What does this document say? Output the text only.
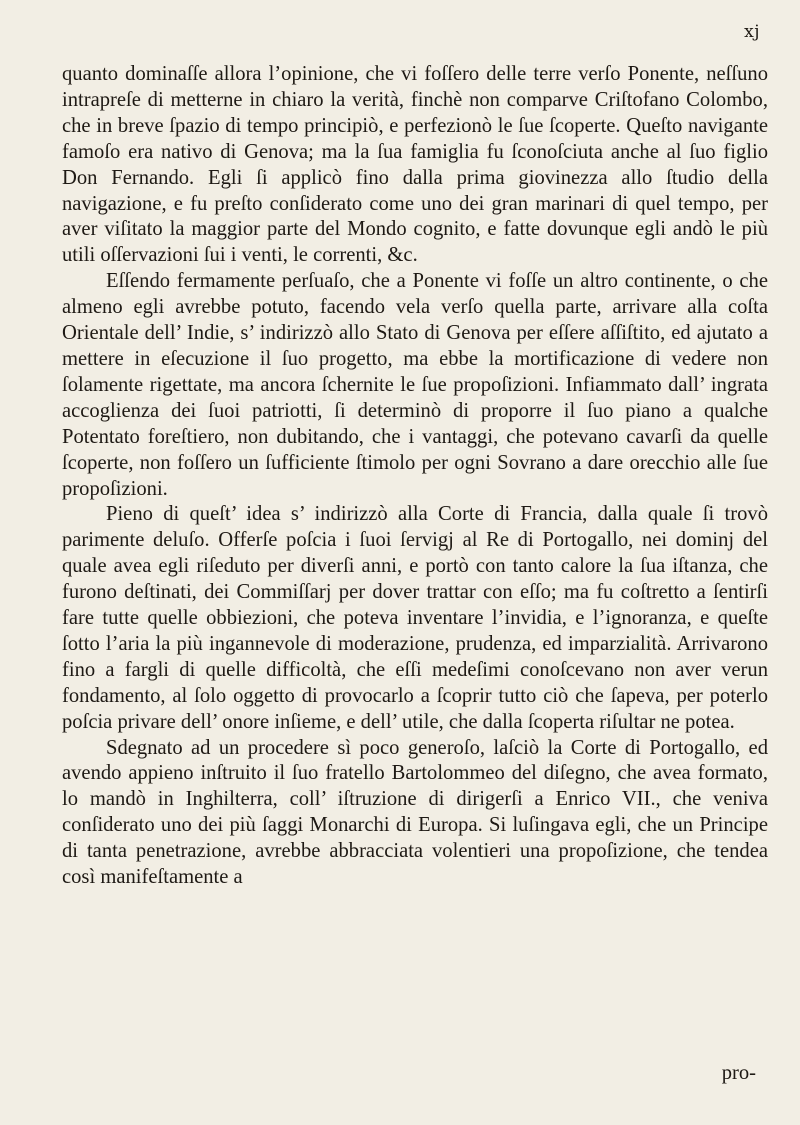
xj

quanto dominaſſe allora l’opinione, che vi foſſero delle terre verſo Ponente, neſſuno intrapreſe di metterne in chiaro la verità, finchè non comparve Criſtofano Colombo, che in breve ſpazio di tempo principiò, e perfezionò le ſue ſcoperte. Queſto navigante famoſo era nativo di Genova; ma la ſua famiglia fu ſconoſciuta anche al ſuo figlio Don Fernando. Egli ſi applicò fino dalla prima giovinezza allo ſtudio della navigazione, e fu preſto conſiderato come uno dei gran marinari di quel tempo, per aver viſitato la maggior parte del Mondo cognito, e fatte dovunque egli andò le più utili oſſervazioni ſui i venti, le correnti, &c.

Eſſendo fermamente perſuaſo, che a Ponente vi foſſe un altro continente, o che almeno egli avrebbe potuto, facendo vela verſo quella parte, arrivare alla coſta Orientale dell’ Indie, s’ indirizzò allo Stato di Genova per eſſere aſſiſtito, ed ajutato a mettere in eſecuzione il ſuo progetto, ma ebbe la mortificazione di vedere non ſolamente rigettate, ma ancora ſchernite le ſue propoſizioni. Infiammato dall’ ingrata accoglienza dei ſuoi patriotti, ſi determinò di proporre il ſuo piano a qualche Potentato foreſtiero, non dubitando, che i vantaggi, che potevano cavarſi da quelle ſcoperte, non foſſero un ſufficiente ſtimolo per ogni Sovrano a dare orecchio alle ſue propoſizioni.

Pieno di queſt’ idea s’ indirizzò alla Corte di Francia, dalla quale ſi trovò parimente deluſo. Offerſe poſcia i ſuoi ſervigj al Re di Portogallo, nei dominj del quale avea egli riſeduto per diverſi anni, e portò con tanto calore la ſua iſtanza, che furono deſtinati, dei Commiſſarj per dover trattar con eſſo; ma fu coſtretto a ſentirſi fare tutte quelle obbiezioni, che poteva inventare l’invidia, e l’ignoranza, e queſte ſotto l’aria la più ingannevole di moderazione, prudenza, ed imparzialità. Arrivarono fino a fargli di quelle difficoltà, che eſſi medeſimi conoſcevano non aver verun fondamento, al ſolo oggetto di provocarlo a ſcoprir tutto ciò che ſapeva, per poterlo poſcia privare dell’ onore inſieme, e dell’ utile, che dalla ſcoperta riſultar ne potea.

Sdegnato ad un procedere sì poco generoſo, laſciò la Corte di Portogallo, ed avendo appieno inſtruito il ſuo fratello Bartolommeo del diſegno, che avea formato, lo mandò in Inghilterra, coll’ iſtruzione di dirigerſi a Enrico VII., che veniva conſiderato uno dei più ſaggi Monarchi di Europa. Si luſingava egli, che un Principe di tanta penetrazione, avrebbe abbracciata volentieri una propoſizione, che tendea così manifeſtamente a

pro-
